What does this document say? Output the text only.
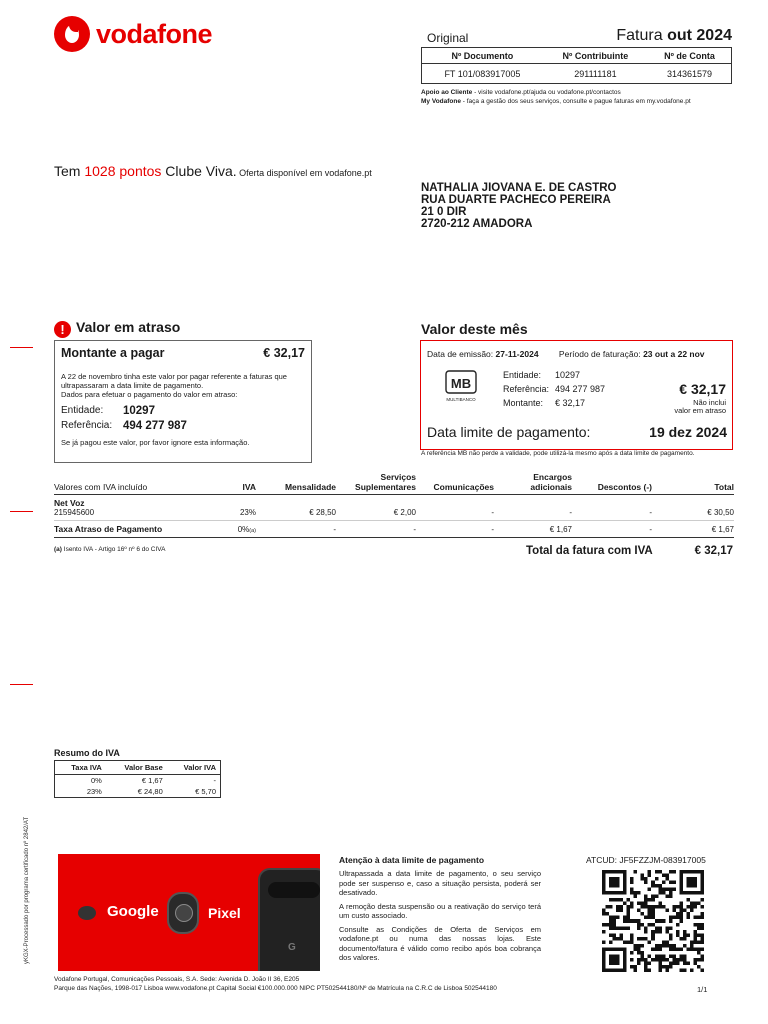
vodafone	Original	Fatura out 2024
Nº Documento	Nº Contribuinte	Nº de Conta
FT 101/083917005	291111181	314361579
Apoio ao Cliente - visite vodafone.pt/ajuda ou vodafone.pt/contactos
My Vodafone - faça a gestão dos seus serviços, consulte e pague faturas em my.vodafone.pt
Tem 1028 pontos Clube Viva. Oferta disponível em vodafone.pt
NATHALIA JIOVANA E. DE CASTRO
RUA DUARTE PACHECO PEREIRA
21 0 DIR
2720-212 AMADORA
! Valor em atraso
Montante a pagar	€ 32,17
A 22 de novembro tinha este valor por pagar referente a faturas que ultrapassaram a data limite de pagamento.
Dados para efetuar o pagamento do valor em atraso:
Entidade:	10297
Referência: 494 277 987
Se já pagou este valor, por favor ignore esta informação.
Valor deste mês
Data de emissão: 27-11-2024 Período de faturação: 23 out a 22 nov
MB
MULTIBANCO
Entidade:	10297
Referência: 494 277 987
Montante:	€ 32,17
€ 32,17
Não inclui
valor em atraso
Data limite de pagamento:	19 dez 2024
A referência MB não perde a validade, pode utilizá-la mesmo após a data limite de pagamento.
Valores com IVA incluído	IVA	Mensalidade
Serviços Suplementares	Comunicações
Encargos adicionais	Descontos (-)	Total
Net Voz
215945600	23%	€ 28,50	€ 2,00	-	-	-	€ 30,50
Taxa Atraso de Pagamento	0%(a)	-	-	-	€ 1,67	-	€ 1,67
(a) Isento IVA - Artigo 16º nº 6 do CIVA	Total da fatura com IVA	€ 32,17
Resumo do IVA
Taxa IVA	Valor Base	Valor IVA
0%	€ 1,67	-
23%	€ 24,80	€ 5,70
yKGX-Processado por programa certificado nº 2842/AT	Google	Pixel
G
Atenção à data limite de pagamento

Ultrapassada a data limite de pagamento, o seu serviço pode ser suspenso e, caso a situação persista, poderá ser desativado.

A remoção desta suspensão ou a reativação do serviço terá um custo associado.

Consulte as Condições de Oferta de Serviços em vodafone.pt ou numa das nossas lojas. Este documento/fatura é válido como recibo após boa cobrança dos valores.

ATCUD: JF5FZZJM-083917005
Vodafone Portugal, Comunicações Pessoais, S.A. Sede: Avenida D. João II 36, E205
Parque das Nações, 1998-017 Lisboa www.vodafone.pt Capital Social €100.000.000 NIPC PT502544180/Nº de Matrícula na C.R.C de Lisboa 502544180	1/1
